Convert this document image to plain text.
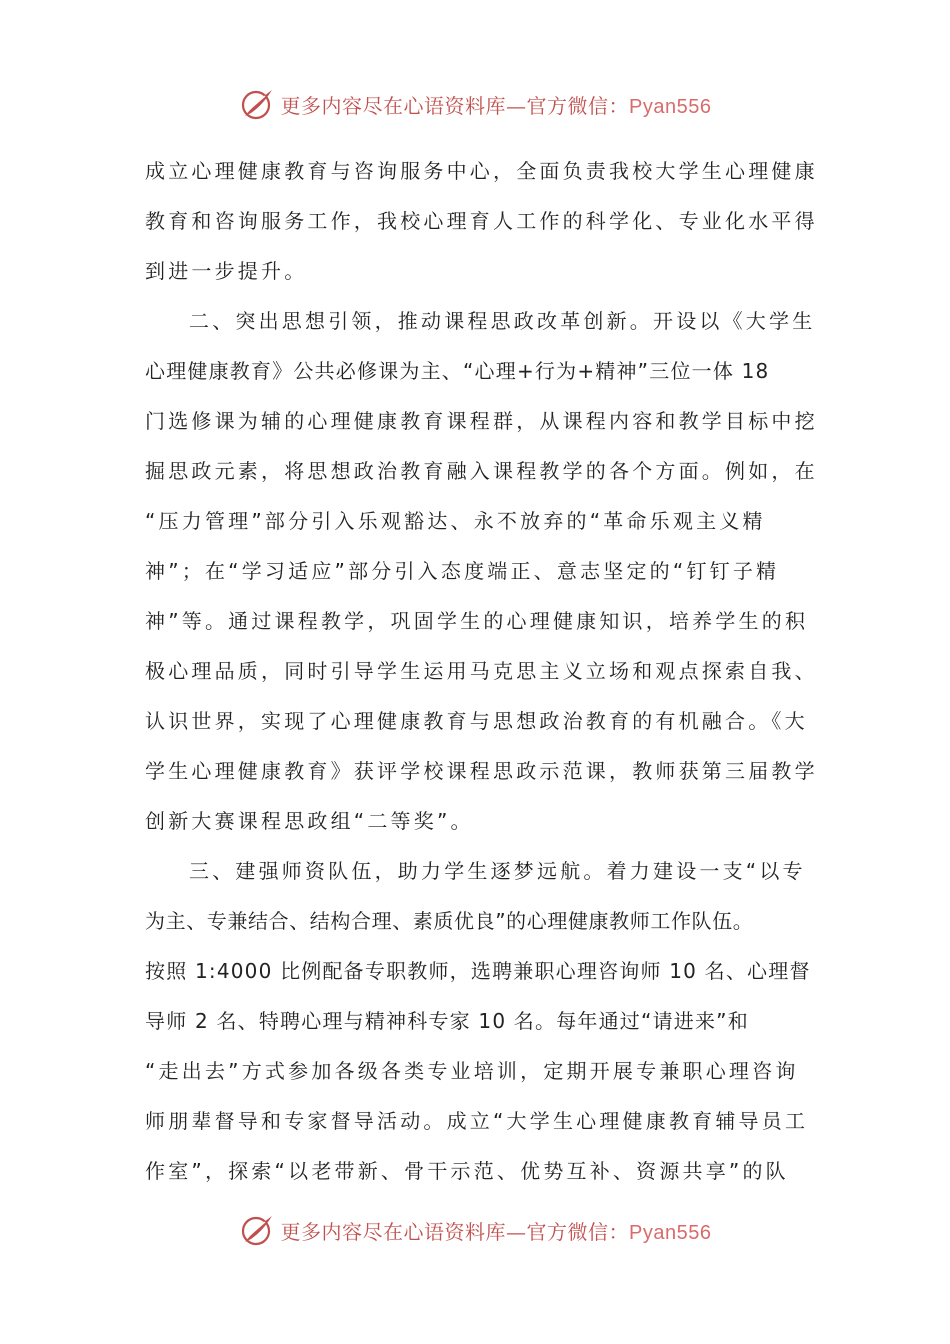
更多内容尽在心语资料库—官方微信：Pyan556
成立心理健康教育与咨询服务中心，全面负责我校大学生心理健康
教育和咨询服务工作，我校心理育人工作的科学化、专业化水平得
到进一步提升。
二、突出思想引领，推动课程思政改革创新。开设以《大学生
心理健康教育》公共必修课为主、“心理+行为+精神”三位一体 18
门选修课为辅的心理健康教育课程群，从课程内容和教学目标中挖
掘思政元素，将思想政治教育融入课程教学的各个方面。例如，在
“压力管理”部分引入乐观豁达、永不放弃的“革命乐观主义精
神”；在“学习适应”部分引入态度端正、意志坚定的“钉钉子精
神”等。通过课程教学，巩固学生的心理健康知识，培养学生的积
极心理品质，同时引导学生运用马克思主义立场和观点探索自我、
认识世界，实现了心理健康教育与思想政治教育的有机融合。《大
学生心理健康教育》获评学校课程思政示范课，教师获第三届教学
创新大赛课程思政组“二等奖”。
三、建强师资队伍，助力学生逐梦远航。着力建设一支“以专
为主、专兼结合、结构合理、素质优良”的心理健康教师工作队伍。
按照 1:4000 比例配备专职教师，选聘兼职心理咨询师 10 名、心理督
导师 2 名、特聘心理与精神科专家 10 名。每年通过“请进来”和
“走出去”方式参加各级各类专业培训，定期开展专兼职心理咨询
师朋辈督导和专家督导活动。成立“大学生心理健康教育辅导员工
作室”，探索“以老带新、骨干示范、优势互补、资源共享”的队
更多内容尽在心语资料库—官方微信：Pyan556
